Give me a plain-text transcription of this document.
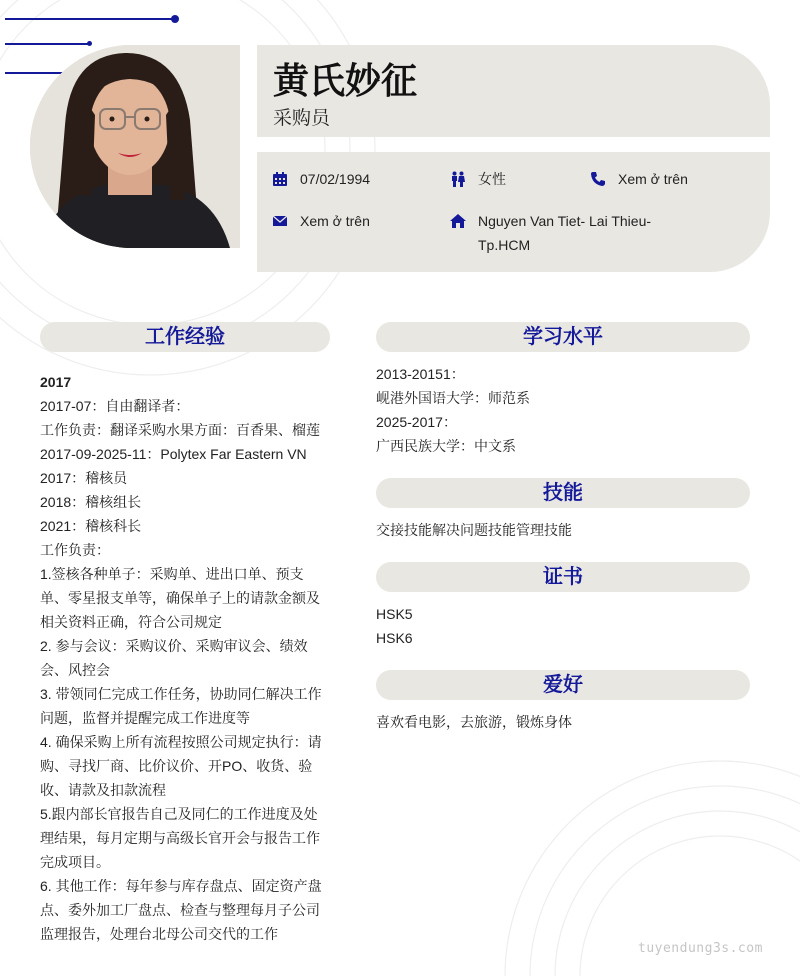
黄氏妙征
采购员
07/02/1994	女性	Xem ở trên
Xem ở trên	Nguyen Van Tiet- Lai Thieu-
Tp.HCM
工作经验
2017
2017-07：自由翻译者：
工作负责：翻译采购水果方面：百香果、榴莲
2017-09-2025-11：Polytex Far Eastern VN
2017：稽核员
2018：稽核组长
2021：稽核科长
工作负责：
1.签核各种单子：采购单、进出口单、预支
单、零星报支单等，确保单子上的请款金额及
相关资料正确，符合公司规定
2. 参与会议：采购议价、采购审议会、绩效
会、风控会
3. 带领同仁完成工作任务，协助同仁解决工作
问题，监督并提醒完成工作进度等
4. 确保采购上所有流程按照公司规定执行：请
购、寻找厂商、比价议价、开PO、收货、验
收、请款及扣款流程
5.跟内部长官报告自己及同仁的工作进度及处
理结果，每月定期与高级长官开会与报告工作
完成项目。
6. 其他工作：每年参与库存盘点、固定资产盘
点、委外加工厂盘点、检查与整理每月子公司
监理报告，处理台北母公司交代的工作
学习水平
2013-20151：
岘港外国语大学：师范系
2025-2017：
广西民族大学：中文系
技能
交接技能解决问题技能管理技能
证书
HSK5
HSK6
爱好
喜欢看电影，去旅游，锻炼身体
tuyendung3s.com
